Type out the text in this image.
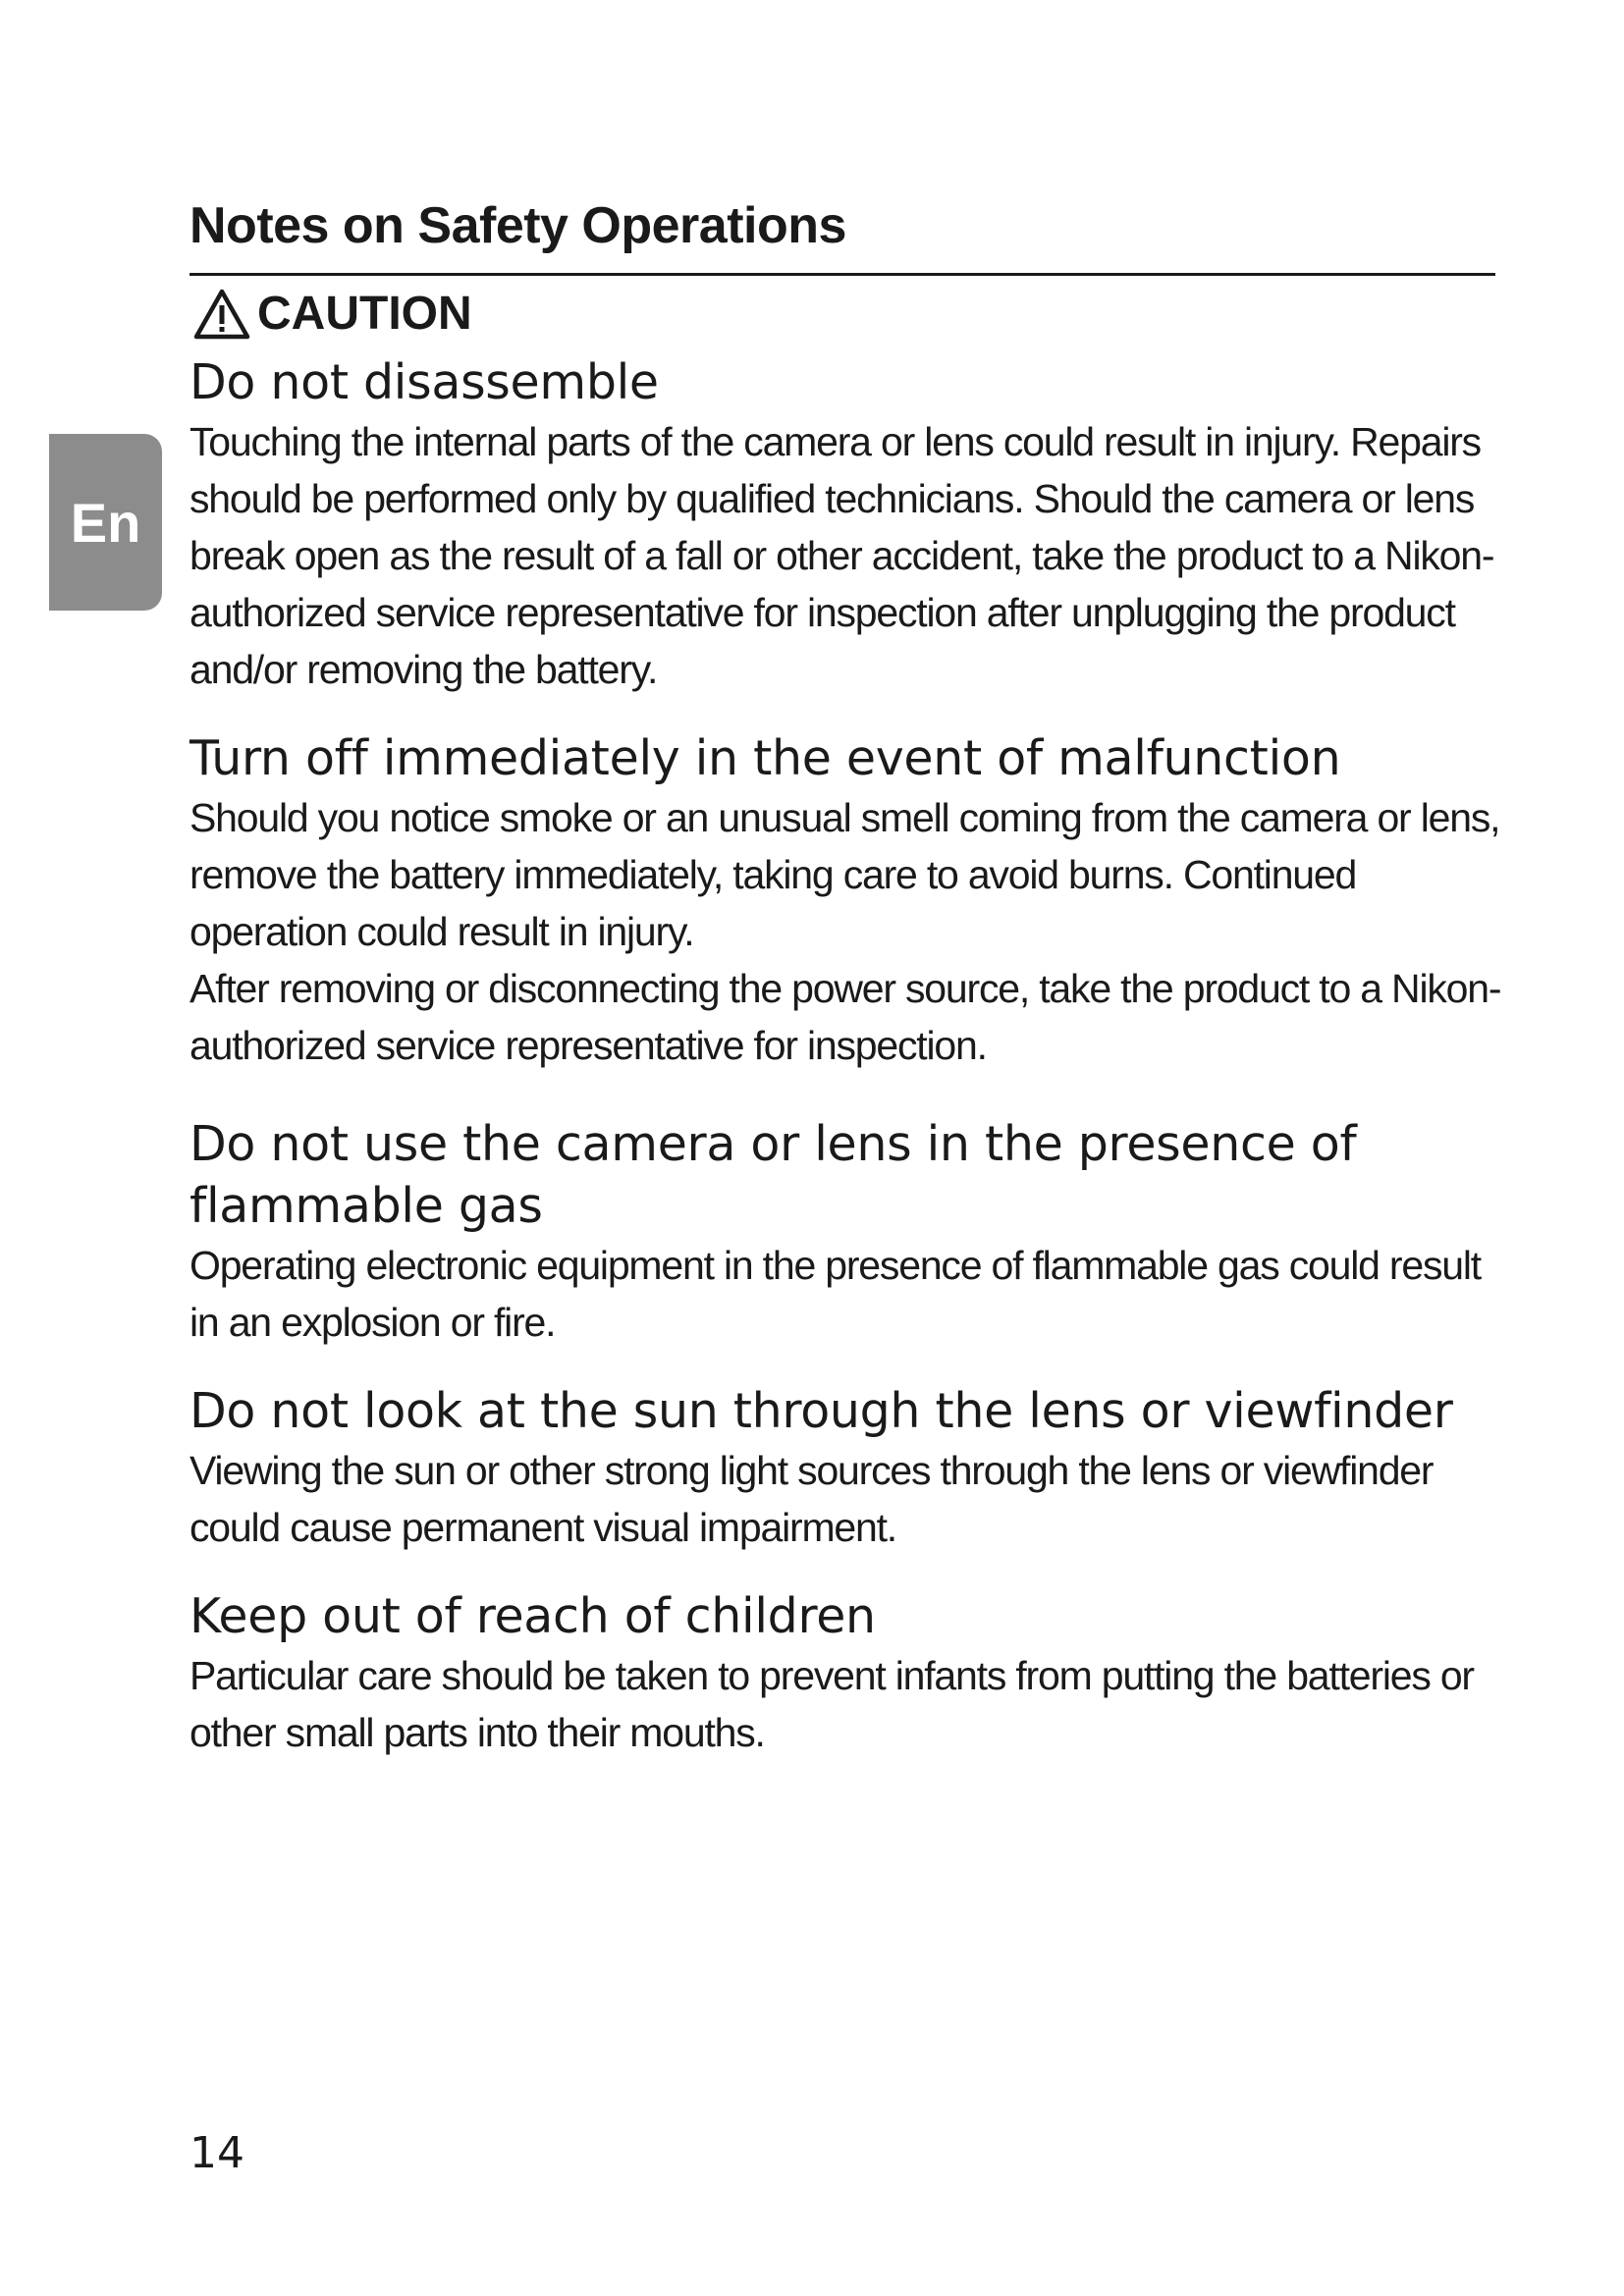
Notes on Safety Operations
CAUTION
En
Do not disassemble

Touching the internal parts of the camera or lens could result in injury. Repairs should be performed only by qualified technicians. Should the camera or lens break open as the result of a fall or other accident, take the product to a Nikon-authorized service representative for inspection after unplugging the product and/or removing the battery.

Turn off immediately in the event of malfunction

Should you notice smoke or an unusual smell coming from the camera or lens, remove the battery immediately, taking care to avoid burns. Continued operation could result in injury.

After removing or disconnecting the power source, take the product to a Nikon-authorized service representative for inspection.

Do not use the camera or lens in the presence of flammable gas

Operating electronic equipment in the presence of flammable gas could result in an explosion or fire.

Do not look at the sun through the lens or viewfinder

Viewing the sun or other strong light sources through the lens or viewfinder could cause permanent visual impairment.

Keep out of reach of children

Particular care should be taken to prevent infants from putting the batteries or other small parts into their mouths.

14
